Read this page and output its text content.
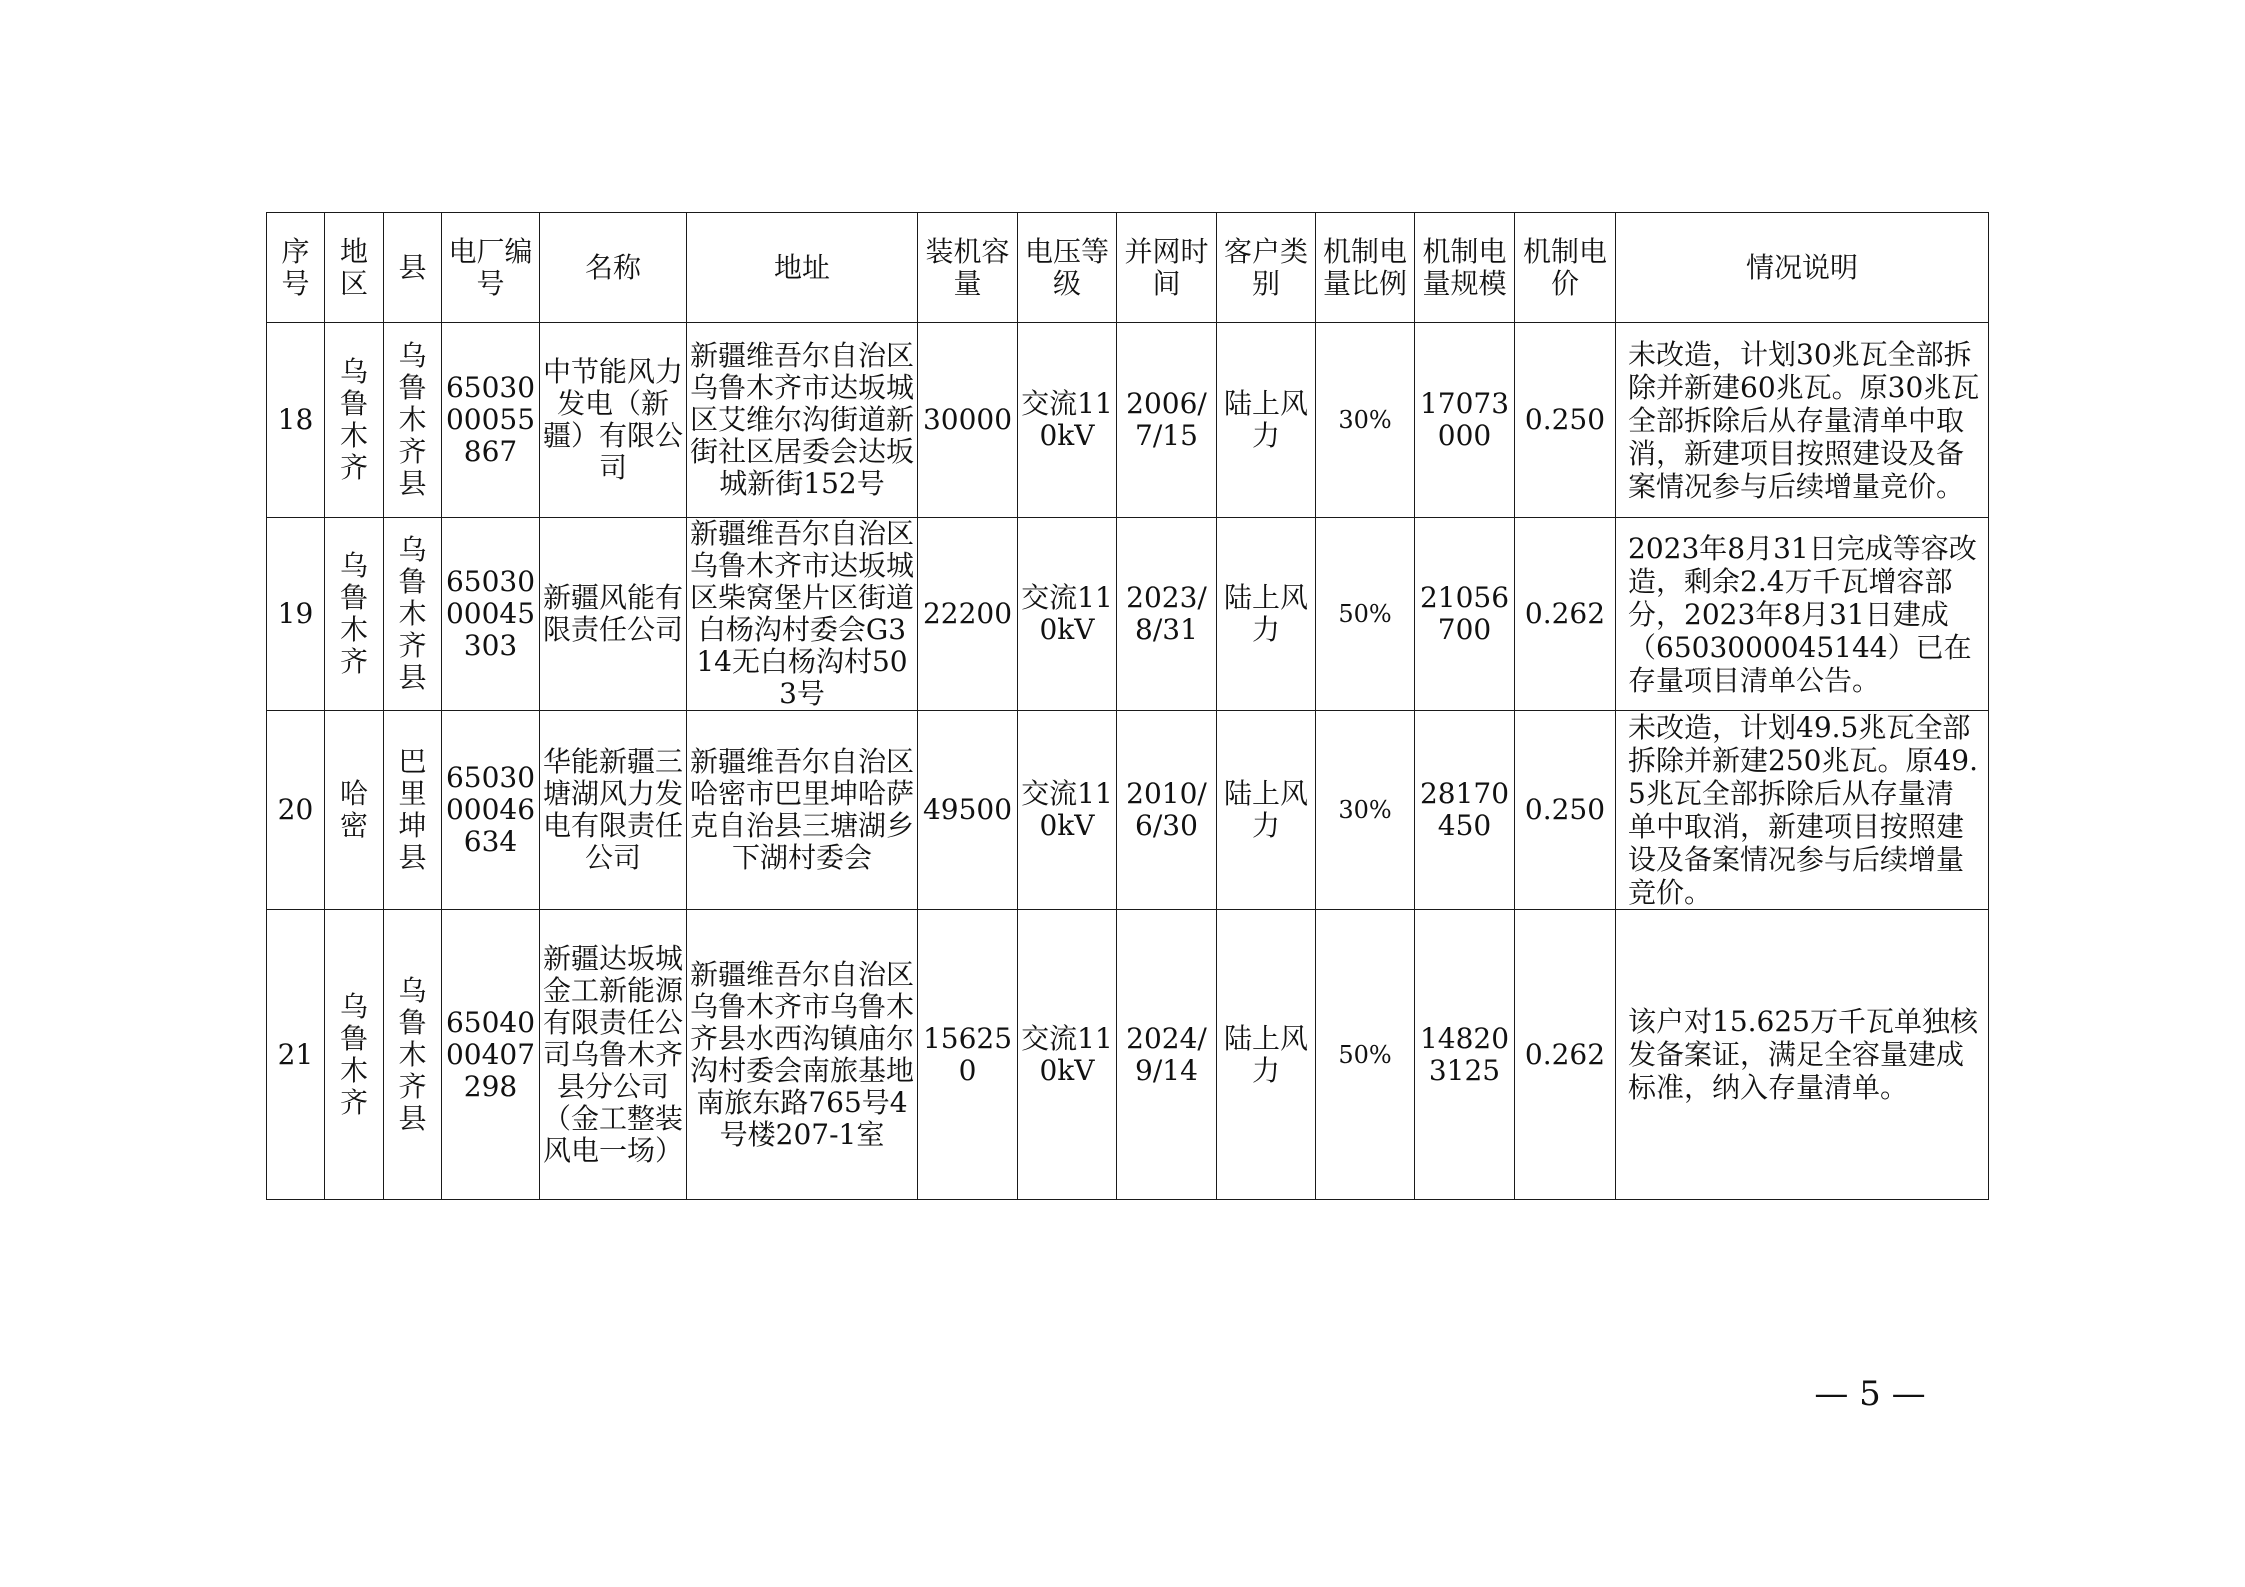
序号	地区	县	电厂编号	名称	地址	装机容量	电压等级	并网时间	客户类别	机制电量比例	机制电量规模	机制电价	情况说明
18	乌鲁木齐	乌鲁木齐县	6503000055867	中节能风力发电（新疆）有限公司	新疆维吾尔自治区乌鲁木齐市达坂城区艾维尔沟街道新街社区居委会达坂城新街152号	30000	交流110kV	2006/7/15	陆上风力	30%	17073000	0.250	未改造，计划30兆瓦全部拆除并新建60兆瓦。原30兆瓦全部拆除后从存量清单中取消，新建项目按照建设及备案情况参与后续增量竞价。
19	乌鲁木齐	乌鲁木齐县	6503000045303	新疆风能有限责任公司	新疆维吾尔自治区乌鲁木齐市达坂城区柴窝堡片区街道白杨沟村委会G314无白杨沟村503号	22200	交流110kV	2023/8/31	陆上风力	50%	21056700	0.262	2023年8月31日完成等容改造，剩余2.4万千瓦增容部分，2023年8月31日建成（6503000045144）已在存量项目清单公告。
20	哈密	巴里坤县	6503000046634	华能新疆三塘湖风力发电有限责任公司	新疆维吾尔自治区哈密市巴里坤哈萨克自治县三塘湖乡下湖村委会	49500	交流110kV	2010/6/30	陆上风力	30%	28170450	0.250	未改造，计划49.5兆瓦全部拆除并新建250兆瓦。原49.5兆瓦全部拆除后从存量清单中取消，新建项目按照建设及备案情况参与后续增量竞价。
21	乌鲁木齐	乌鲁木齐县	6504000407298	新疆达坂城金工新能源有限责任公司乌鲁木齐县分公司（金工整装风电一场）	新疆维吾尔自治区乌鲁木齐市乌鲁木齐县水西沟镇庙尔沟村委会南旅基地南旅东路765号4号楼207-1室	156250	交流110kV	2024/9/14	陆上风力	50%	148203125	0.262	该户对15.625万千瓦单独核发备案证，满足全容量建成标准，纳入存量清单。
— 5 —
